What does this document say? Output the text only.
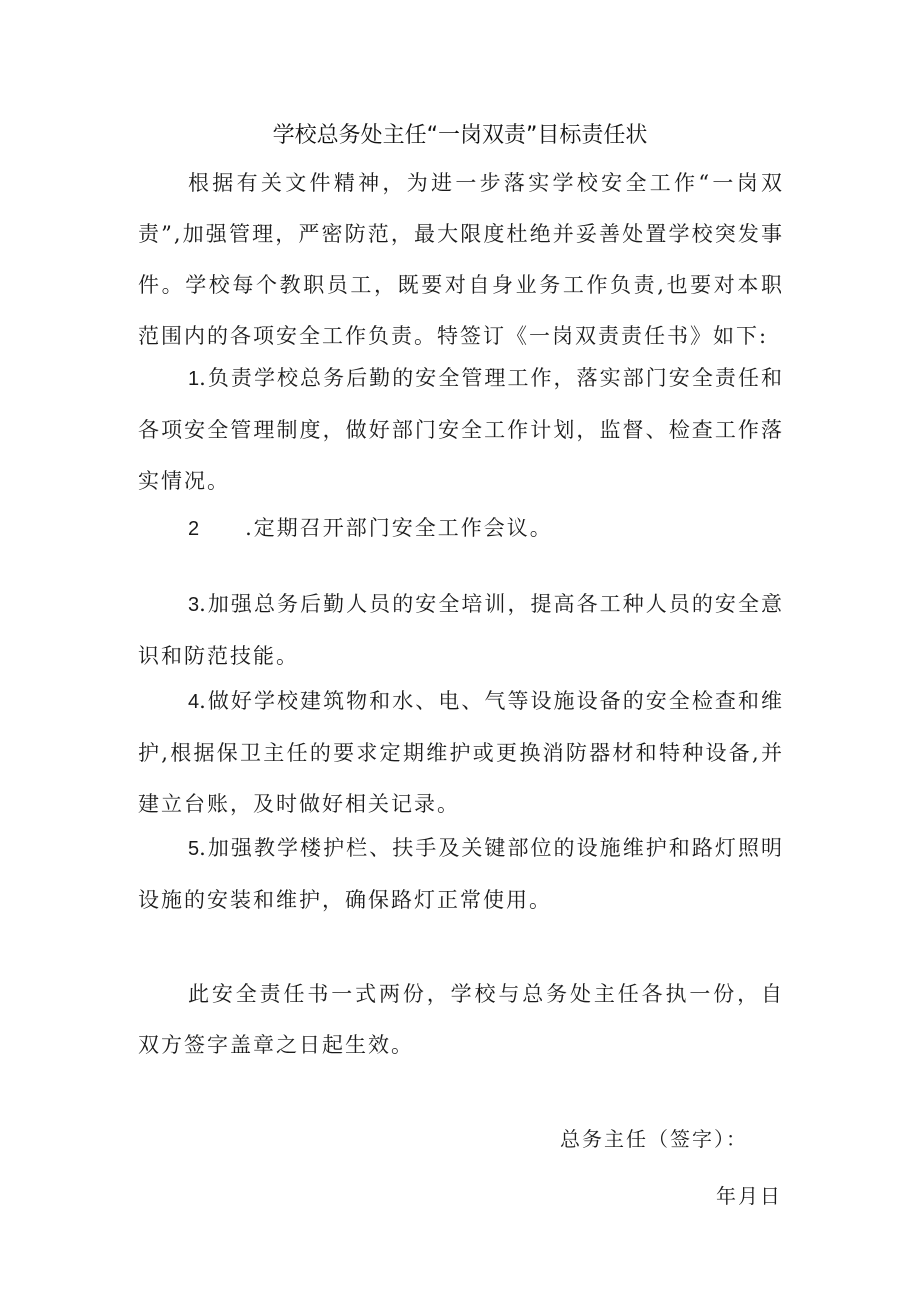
学校总务处主任“一岗双责”目标责任状
根据有关文件精神，为进一步落实学校安全工作“一岗双责”,加强管理，严密防范，最大限度杜绝并妥善处置学校突发事件。学校每个教职员工，既要对自身业务工作负责,也要对本职范围内的各项安全工作负责。特签订《一岗双责责任书》如下:
1.负责学校总务后勤的安全管理工作，落实部门安全责任和各项安全管理制度，做好部门安全工作计划，监督、检查工作落实情况。
2 .定期召开部门安全工作会议。
3.加强总务后勤人员的安全培训，提高各工种人员的安全意识和防范技能。
4.做好学校建筑物和水、电、气等设施设备的安全检查和维护,根据保卫主任的要求定期维护或更换消防器材和特种设备,并建立台账，及时做好相关记录。
5.加强教学楼护栏、扶手及关键部位的设施维护和路灯照明设施的安装和维护，确保路灯正常使用。
此安全责任书一式两份，学校与总务处主任各执一份，自双方签字盖章之日起生效。
总务主任（签字）：
年月日
